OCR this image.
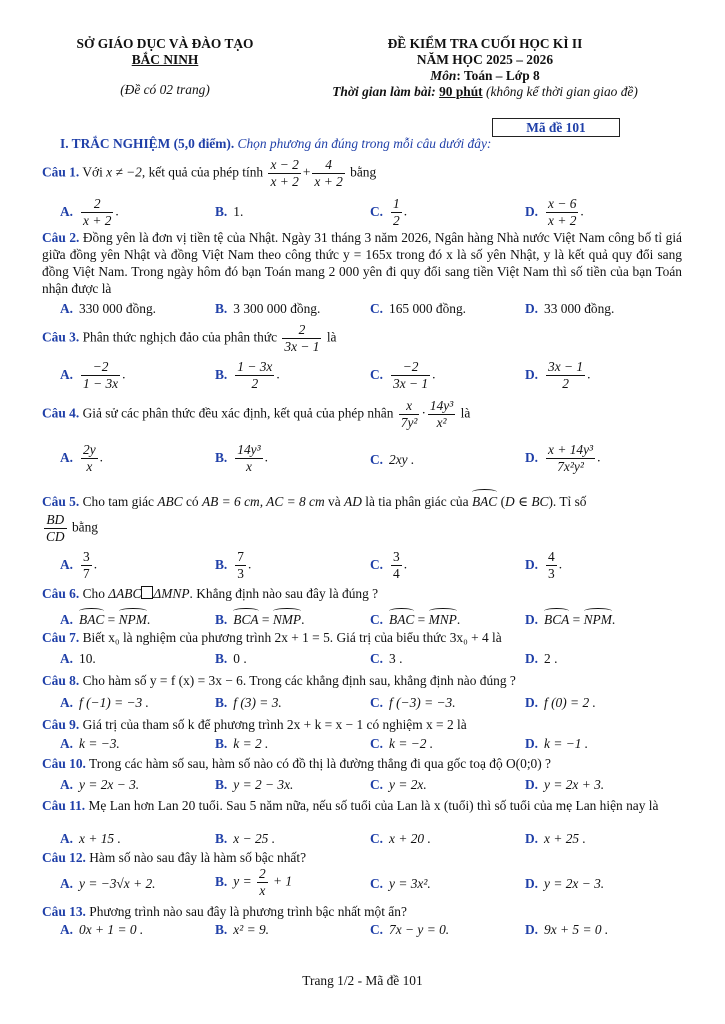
SỞ GIÁO DỤC VÀ ĐÀO TẠO
BẮC NINH
(Đề có 02 trang)
ĐỀ KIỂM TRA CUỐI HỌC KÌ II
NĂM HỌC 2025 – 2026
Môn: Toán – Lớp 8
Thời gian làm bài: 90 phút (không kể thời gian giao đề)
Mã đề 101
I. TRẮC NGHIỆM (5,0 điểm). Chọn phương án đúng trong mỗi câu dưới đây:
Câu 1. Với x ≠ −2, kết quả của phép tính $\frac{x - 2}{x + 2} + \frac{4}{x + 2}$ bằng
A. $\frac{2}{x + 2}$ .	B. 1.	C. $\frac{1}{2}$ .	D. $\frac{x - 6}{x + 2}$ .
Câu 2. Đồng yên là đơn vị tiền tệ của Nhật. Ngày 31 tháng 3 năm 2026, Ngân hàng Nhà nước Việt Nam công bố tỉ giá giữa đồng yên Nhật và đồng Việt Nam theo công thức y = 165x trong đó x là số yên Nhật, y là kết quả quy đổi sang đồng Việt Nam. Trong ngày hôm đó bạn Toán mang 2 000 yên đi quy đổi sang tiền Việt Nam thì số tiền của bạn Toán nhận được là
A. 330 000 đồng.	B. 3 300 000 đồng.	C. 165 000 đồng.	D. 33 000 đồng.
Câu 3. Phân thức nghịch đảo của phân thức $\frac{2}{3x - 1}$ là
A. $\frac{-2}{1 - 3x}$ .	B. $\frac{1 - 3x}{2}$ .	C. $\frac{-2}{3x - 1}$ .	D. $\frac{3x - 1}{2}$ .
Câu 4. Giả sử các phân thức đều xác định, kết quả của phép nhân $\frac{x}{\text{7y²}} \cdot \frac{\text{14y³}}{\text{x²}}$ là
A. $\frac{2y}{x}$ .	B. $\frac{\text{14y³}}{x}$ .	C. 2xy .	D. $\frac{\text{x + 14y³}}{\text{7x²y²}}$ .
Câu 5. Cho tam giác ABC có AB = 6 cm, AC = 8 cm và AD là tia phân giác của BAC (D ∈ BC). Tỉ số
$\frac{BD}{CD}$ bằng
A. $\frac{3}{7}$ .	B. $\frac{7}{3}$ .	C. $\frac{3}{4}$ .	D. $\frac{4}{3}$ .
Câu 6. Cho ΔABC ΔMNP. Khẳng định nào sau đây là đúng ?
A. BAC = NPM.	B. BCA = NMP.	C. BAC = MNP.	D. BCA = NPM.
Câu 7. Biết x₀ là nghiệm của phương trình 2x + 1 = 5. Giá trị của biểu thức 3x₀ + 4 là
A. 10.	B. 0 .	C. 3 .	D. 2 .
Câu 8. Cho hàm số y = f (x) = 3x − 6. Trong các khẳng định sau, khẳng định nào đúng ?
A. f (−1) = −3 .	B. f (3) = 3.	C. f (−3) = −3.	D. f (0) = 2 .
Câu 9. Giá trị của tham số k để phương trình 2x + k = x − 1 có nghiệm x = 2 là
A. k = −3.	B. k = 2 .	C. k = −2 .	D. k = −1 .
Câu 10. Trong các hàm số sau, hàm số nào có đồ thị là đường thẳng đi qua gốc toạ độ O(0;0) ?
A. y = 2x − 3.	B. y = 2 − 3x.	C. y = 2x.	D. y = 2x + 3.
Câu 11. Mẹ Lan hơn Lan 20 tuổi. Sau 5 năm nữa, nếu số tuổi của Lan là x (tuổi) thì số tuổi của mẹ Lan hiện nay là
A. x + 15 .	B. x − 25 .	C. x + 20 .	D. x + 25 .
Câu 12. Hàm số nào sau đây là hàm số bậc nhất?
A. y = −3√x + 2.	B. $y = \frac{2}{x} + 1$	C. y = 3x².	D. y = 2x − 3.
Câu 13. Phương trình nào sau đây là phương trình bậc nhất một ẩn?
A. 0x + 1 = 0 .	B. x² = 9.	C. 7x − y = 0.	D. 9x + 5 = 0 .
Trang 1/2 - Mã đề 101
